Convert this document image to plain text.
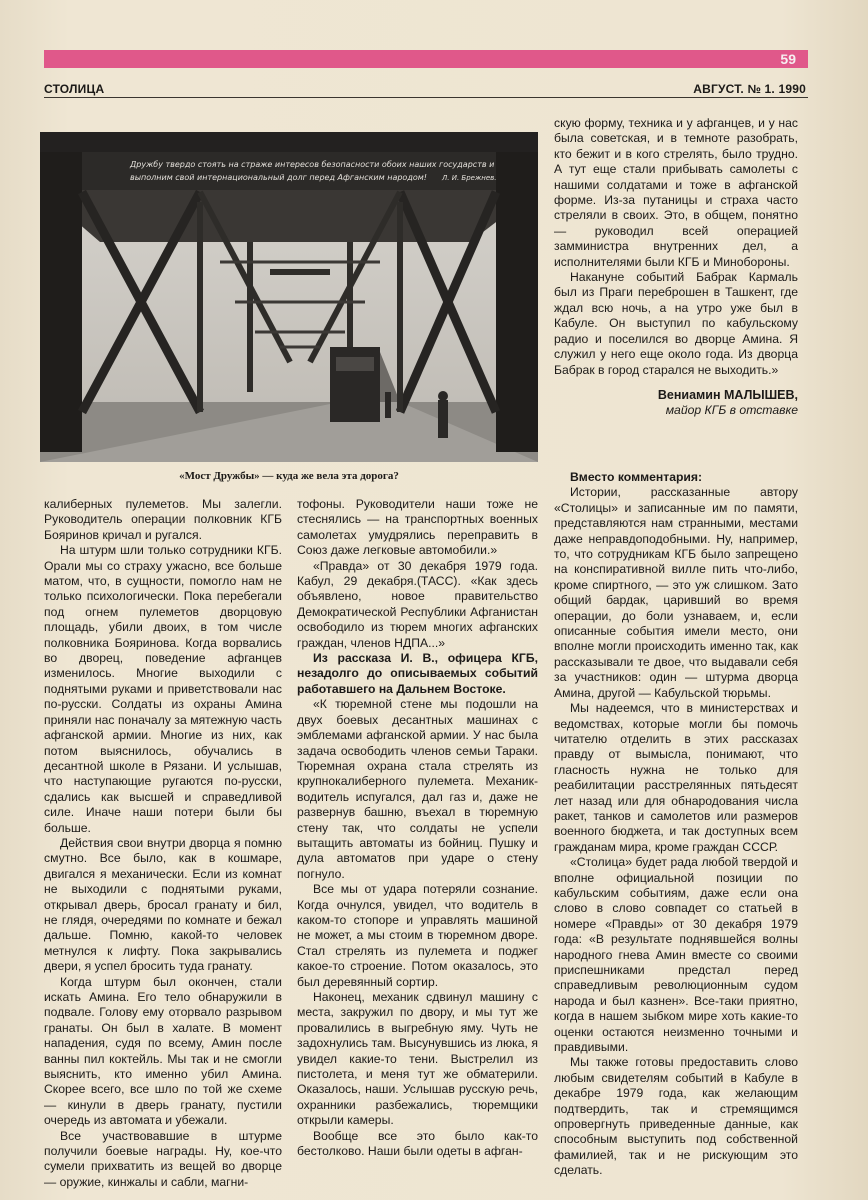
59
СТОЛИЦА	АВГУСТ. № 1. 1990
Дружбу твердо стоять на страже интересов безопасности обоих наших государств и
выполним свой интернациональный долг перед Афганским народом! Л. И. Брежнев.
«Мост Дружбы» — куда же вела эта дорога?

калиберных пулеметов. Мы залегли. Руководитель операции полковник КГБ Бояринов кричал и ругался.

На штурм шли только сотрудники КГБ. Орали мы со страху ужасно, все больше матом, что, в сущности, помогло нам не только психологически. Пока перебегали под огнем пулеметов дворцовую площадь, убили двоих, в том числе полковника Бояринова. Когда ворвались во дворец, поведение афганцев изменилось. Многие выходили с поднятыми руками и приветствовали нас по-русски. Солдаты из охраны Амина приняли нас поначалу за мятежную часть афганской армии. Многие из них, как потом выяснилось, обучались в десантной школе в Рязани. И услышав, что наступающие ругаются по-русски, сдались как высшей и справедливой силе. Иначе наши потери были бы больше.

Действия свои внутри дворца я помню смутно. Все было, как в кошмаре, двигался я механически. Если из комнат не выходили с поднятыми руками, открывал дверь, бросал гранату и бил, не глядя, очередями по комнате и бежал дальше. Помню, какой-то человек метнулся к лифту. Пока закрывались двери, я успел бросить туда гранату.

Когда штурм был окончен, стали искать Амина. Его тело обнаружили в подвале. Голову ему оторвало разрывом гранаты. Он был в халате. В момент нападения, судя по всему, Амин после ванны пил коктейль. Мы так и не смогли выяснить, кто именно убил Амина. Скорее всего, все шло по той же схеме — кинули в дверь гранату, пустили очередь из автомата и убежали.

Все участвовавшие в штурме получили боевые награды. Ну, кое-что сумели прихватить из вещей во дворце — оружие, кинжалы и сабли, магни-

тофоны. Руководители наши тоже не стеснялись — на транспортных военных самолетах умудрялись переправить в Союз даже легковые автомобили.»

«Правда» от 30 декабря 1979 года. Кабул, 29 декабря.(ТАСС). «Как здесь объявлено, новое правительство Демократической Республики Афганистан освободило из тюрем многих афганских граждан, членов НДПА...»

Из рассказа И. В., офицера КГБ, незадолго до описываемых событий работавшего на Дальнем Востоке.

«К тюремной стене мы подошли на двух боевых десантных машинах с эмблемами афганской армии. У нас была задача освободить членов семьи Тараки. Тюремная охрана стала стрелять из крупнокалиберного пулемета. Механик-водитель испугался, дал газ и, даже не развернув башню, въехал в тюремную стену так, что солдаты не успели вытащить автоматы из бойниц. Пушку и дула автоматов при ударе о стену погнуло.

Все мы от удара потеряли сознание. Когда очнулся, увидел, что водитель в каком-то стопоре и управлять машиной не может, а мы стоим в тюремном дворе. Стал стрелять из пулемета и поджег какое-то строение. Потом оказалось, это был деревянный сортир.

Наконец, механик сдвинул машину с места, закружил по двору, и мы тут же провалились в выгребную яму. Чуть не задохнулись там. Высунувшись из люка, я увидел какие-то тени. Выстрелил из пистолета, и меня тут же обматерили. Оказалось, наши. Услышав русскую речь, охранники разбежались, тюремщики открыли камеры.

Вообще все это было как-то бестолково. Наши были одеты в афган-

скую форму, техника и у афганцев, и у нас была советская, и в темноте разобрать, кто бежит и в кого стрелять, было трудно. А тут еще стали прибывать самолеты с нашими солдатами и тоже в афганской форме. Из-за путаницы и страха часто стреляли в своих. Это, в общем, понятно — руководил всей операцией замминистра внутренних дел, а исполнителями были КГБ и Минобороны.

Накануне событий Бабрак Кармаль был из Праги переброшен в Ташкент, где ждал всю ночь, а на утро уже был в Кабуле. Он выступил по кабульскому радио и поселился во дворце Амина. Я служил у него еще около года. Из дворца Бабрак в город старался не выходить.»

Вениамин МАЛЫШЕВ,
майор КГБ в отставке

Вместо комментария:

Истории, рассказанные автору «Столицы» и записанные им по памяти, представляются нам странными, местами даже неправдоподобными. Ну, например, то, что сотрудникам КГБ было запрещено на конспиративной вилле пить что-либо, кроме спиртного, — это уж слишком. Зато общий бардак, царивший во время операции, до боли узнаваем, и, если описанные события имели место, они вполне могли происходить именно так, как рассказывали те двое, что выдавали себя за участников: один — штурма дворца Амина, другой — Кабульской тюрьмы.

Мы надеемся, что в министерствах и ведомствах, которые могли бы помочь читателю отделить в этих рассказах правду от вымысла, понимают, что гласность нужна не только для реабилитации расстрелянных пятьдесят лет назад или для обнародования числа ракет, танков и самолетов или размеров военного бюджета, и так доступных всем гражданам мира, кроме граждан СССР.

«Столица» будет рада любой твердой и вполне официальной позиции по кабульским событиям, даже если она слово в слово совпадет со статьей в номере «Правды» от 30 декабря 1979 года: «В результате поднявшейся волны народного гнева Амин вместе со своими приспешниками предстал перед справедливым революционным судом народа и был казнен». Все-таки приятно, когда в нашем зыбком мире хоть какие-то оценки остаются неизменно точными и правдивыми.

Мы также готовы предоставить слово любым свидетелям событий в Кабуле в декабре 1979 года, как желающим подтвердить, так и стремящимся опровергнуть приведенные данные, как способным выступить под собственной фамилией, так и не рискующим это сделать.
